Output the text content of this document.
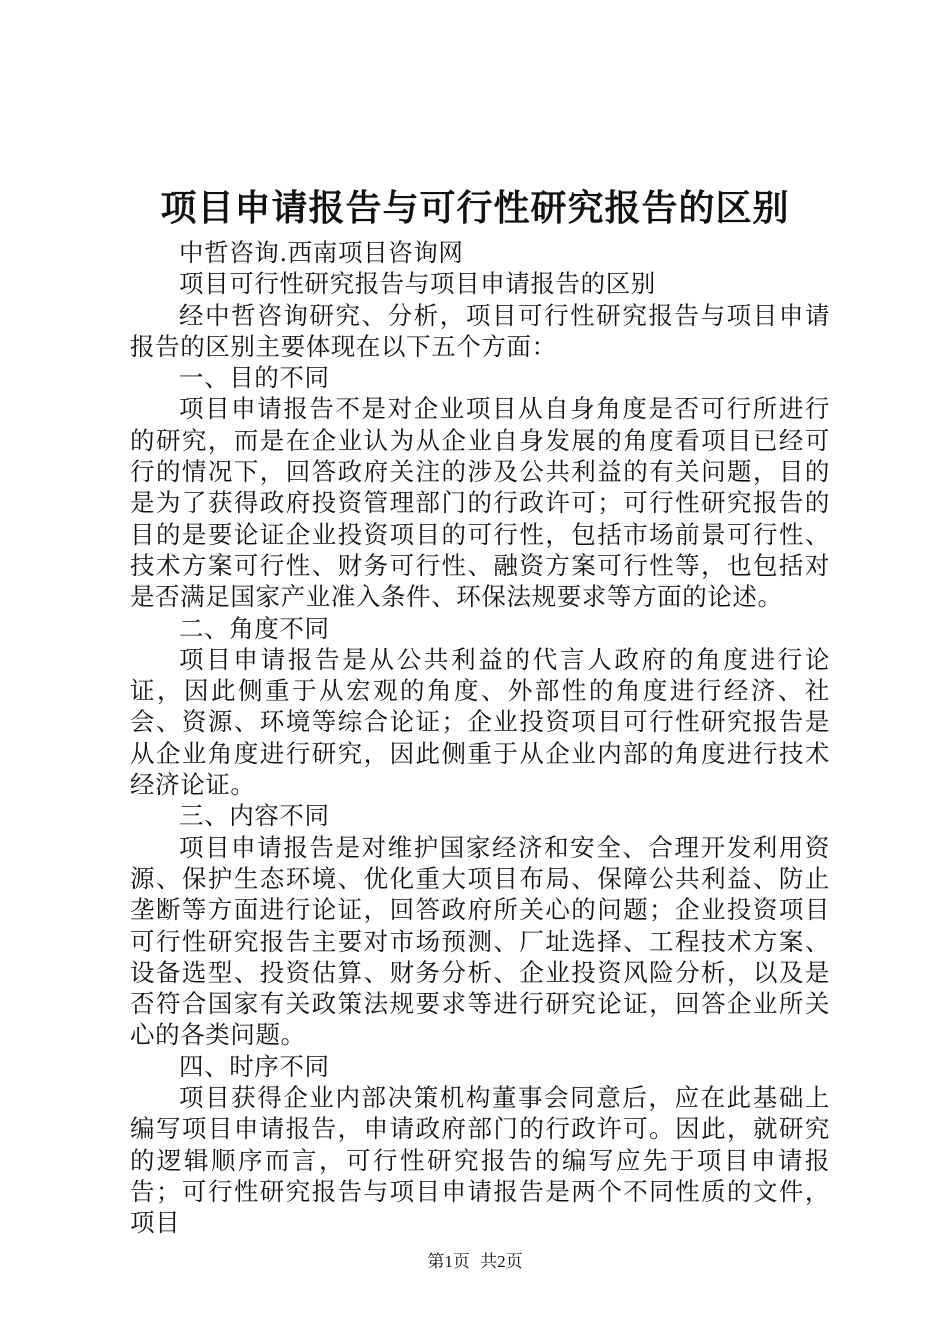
项目申请报告与可行性研究报告的区别

中哲咨询.西南项目咨询网

项目可行性研究报告与项目申请报告的区别

经中哲咨询研究、分析，项目可行性研究报告与项目申请报告的区别主要体现在以下五个方面：

一、目的不同

项目申请报告不是对企业项目从自身角度是否可行所进行的研究，而是在企业认为从企业自身发展的角度看项目已经可行的情况下，回答政府关注的涉及公共利益的有关问题，目的是为了获得政府投资管理部门的行政许可；可行性研究报告的目的是要论证企业投资项目的可行性，包括市场前景可行性、技术方案可行性、财务可行性、融资方案可行性等，也包括对是否满足国家产业准入条件、环保法规要求等方面的论述。

二、角度不同

项目申请报告是从公共利益的代言人政府的角度进行论证，因此侧重于从宏观的角度、外部性的角度进行经济、社会、资源、环境等综合论证；企业投资项目可行性研究报告是从企业角度进行研究，因此侧重于从企业内部的角度进行技术经济论证。

三、内容不同

项目申请报告是对维护国家经济和安全、合理开发利用资源、保护生态环境、优化重大项目布局、保障公共利益、防止垄断等方面进行论证，回答政府所关心的问题；企业投资项目可行性研究报告主要对市场预测、厂址选择、工程技术方案、设备选型、投资估算、财务分析、企业投资风险分析，以及是否符合国家有关政策法规要求等进行研究论证，回答企业所关心的各类问题。

四、时序不同

项目获得企业内部决策机构董事会同意后，应在此基础上编写项目申请报告，申请政府部门的行政许可。因此，就研究的逻辑顺序而言，可行性研究报告的编写应先于项目申请报告；可行性研究报告与项目申请报告是两个不同性质的文件，项目

第1页 共2页
